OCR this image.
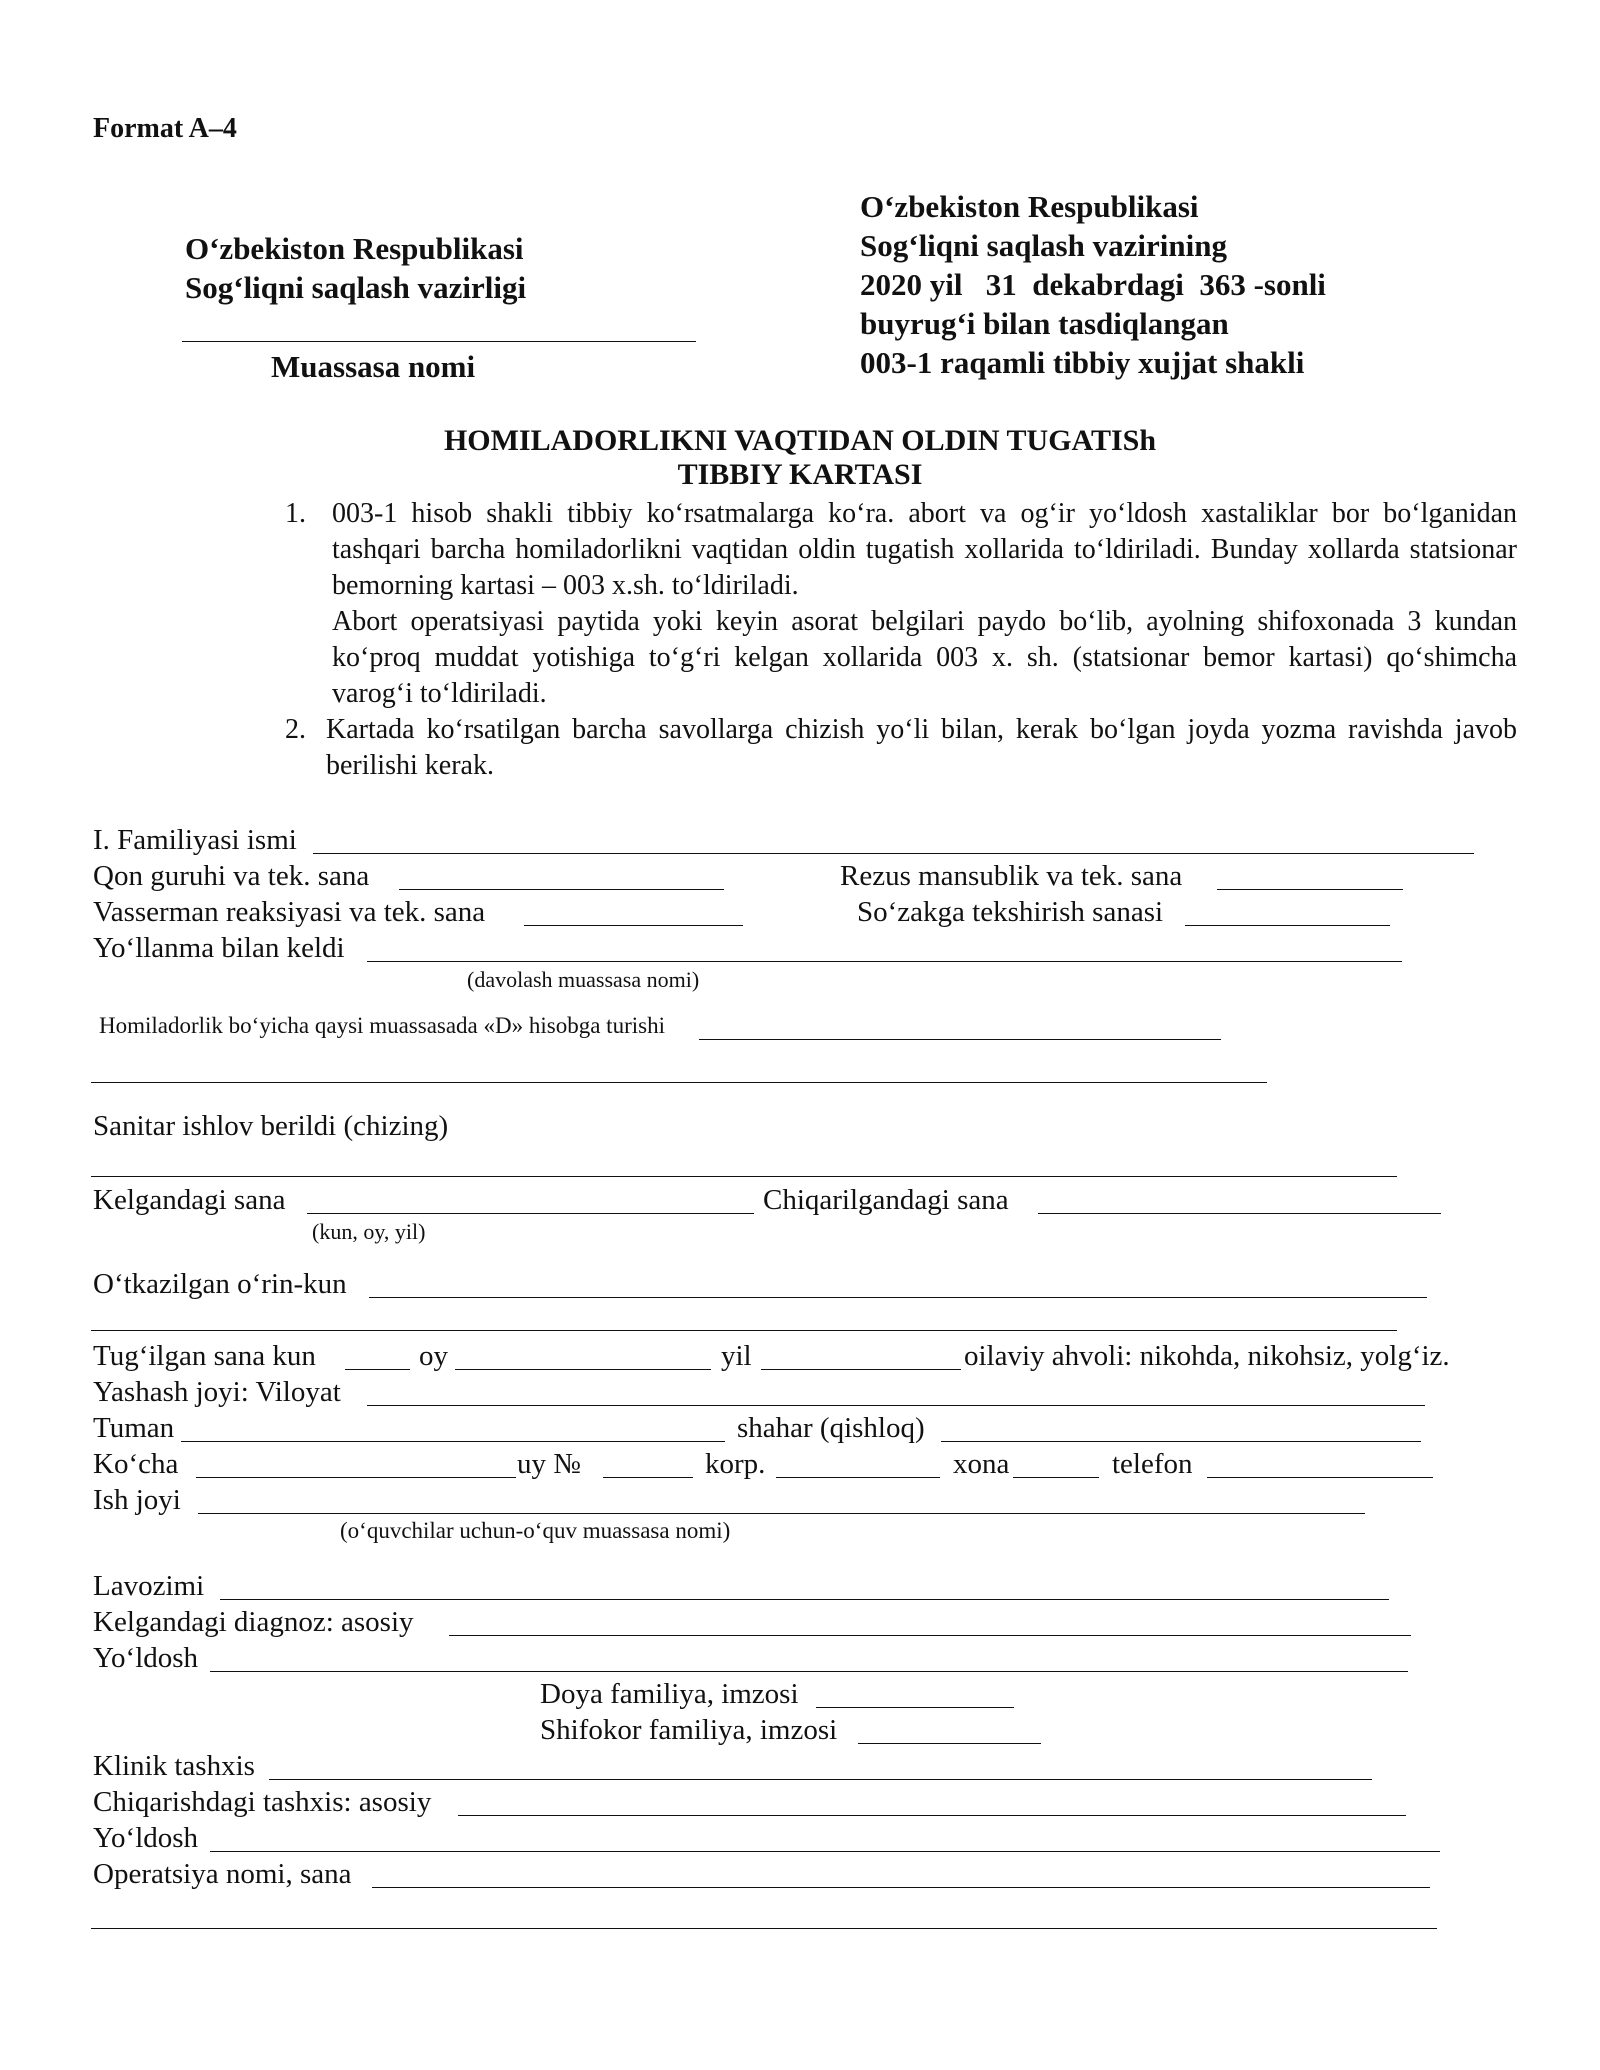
Format A–4
O‘zbekiston Respublikasi
Sog‘liqni saqlash vazirligi
Muassasa nomi
O‘zbekiston Respublikasi
Sog‘liqni saqlash vazirining
2020 yil   31  dekabrdagi  363 -sonli
buyrug‘i bilan tasdiqlangan
003-1 raqamli tibbiy xujjat shakli
HOMILADORLIKNI VAQTIDAN OLDIN TUGATISh
TIBBIY KARTASI
1. 003-1 hisob shakli tibbiy ko‘rsatmalarga ko‘ra. abort va og‘ir yo‘ldosh xastaliklar bor bo‘lganidan tashqari barcha homiladorlikni vaqtidan oldin tugatish xollarida to‘ldiriladi. Bunday xollarda statsionar bemorning kartasi – 003 x.sh. to‘ldiriladi.
Abort operatsiyasi paytida yoki keyin asorat belgilari paydo bo‘lib, ayolning shifoxonada 3 kundan ko‘proq muddat yotishiga to‘g‘ri kelgan xollarida 003 x. sh. (statsionar bemor kartasi) qo‘shimcha varog‘i to‘ldiriladi.
2. Kartada ko‘rsatilgan barcha savollarga chizish yo‘li bilan, kerak bo‘lgan joyda yozma ravishda javob berilishi kerak.
I. Familiyasi ismi
Qon guruhi va tek. sana	Rezus mansublik va tek. sana
Vasserman reaksiyasi va tek. sana	So‘zakga tekshirish sanasi
Yo‘llanma bilan keldi
(davolash muassasa nomi)
Homiladorlik bo‘yicha qaysi muassasada «D» hisobga turishi
Sanitar ishlov berildi (chizing)
Kelgandagi sana	Chiqarilgandagi sana
(kun, oy, yil)
O‘tkazilgan o‘rin-kun
Tug‘ilgan sana kun	oy	yil	oilaviy ahvoli: nikohda, nikohsiz, yolg‘iz.
Yashash joyi: Viloyat
Tuman	shahar (qishloq)
Ko‘cha	uy №	korp.	xona	telefon
Ish joyi
(o‘quvchilar uchun-o‘quv muassasa nomi)
Lavozimi
Kelgandagi diagnoz: asosiy
Yo‘ldosh
Doya familiya, imzosi
Shifokor familiya, imzosi
Klinik tashxis
Chiqarishdagi tashxis: asosiy
Yo‘ldosh
Operatsiya nomi, sana
